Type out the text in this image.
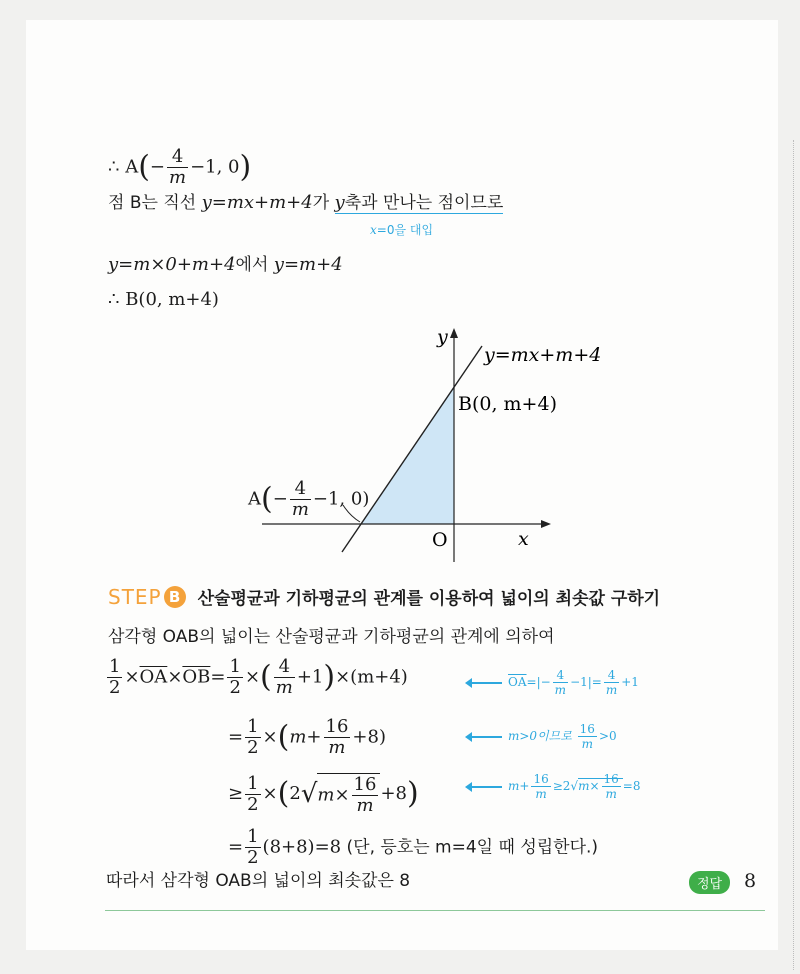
∴ $A(- \frac{4}{m} -1$, 0)
점 B는 직선 y=mx+m+4가 y축과 만나는 점이므로
x=0을 대입
y=m×0+m+4에서 y=m+4
∴ B(0, m+4)
y
x
O
y=mx+m+4
B(0, m+4)
$A(- \frac{4}{m} -1$, 0)
STEP B 산술평균과 기하평균의 관계를 이용하여 넓이의 최솟값 구하기
삼각형 OAB의 넓이는 산술평균과 기하평균의 관계에 의하여
$\frac{1}{2} \times\overline{OA}\times\overline{OB}= \frac{1}{2}$ ×( $\frac{4}{m} +1)\times(m+4)$	$\overline{OA}=|- \frac{4}{m} -1|= \frac{4}{m} +1$
= $\frac{1}{2} \times(m+ \frac{16}{m} +8)$	m>0이므로 $\frac{16}{m} >0$
≥ $\frac{1}{2} \times(2√m\times \frac{16}{m} +8)$	$m+ \frac{16}{m} \ge 2√m\times \frac{16}{m} =8$
= $\frac{1}{2} (8+8)=8$ (단, 등호는 m=4일 때 성립한다.)
따라서 삼각형 OAB의 넓이의 최솟값은 8	정답	8
